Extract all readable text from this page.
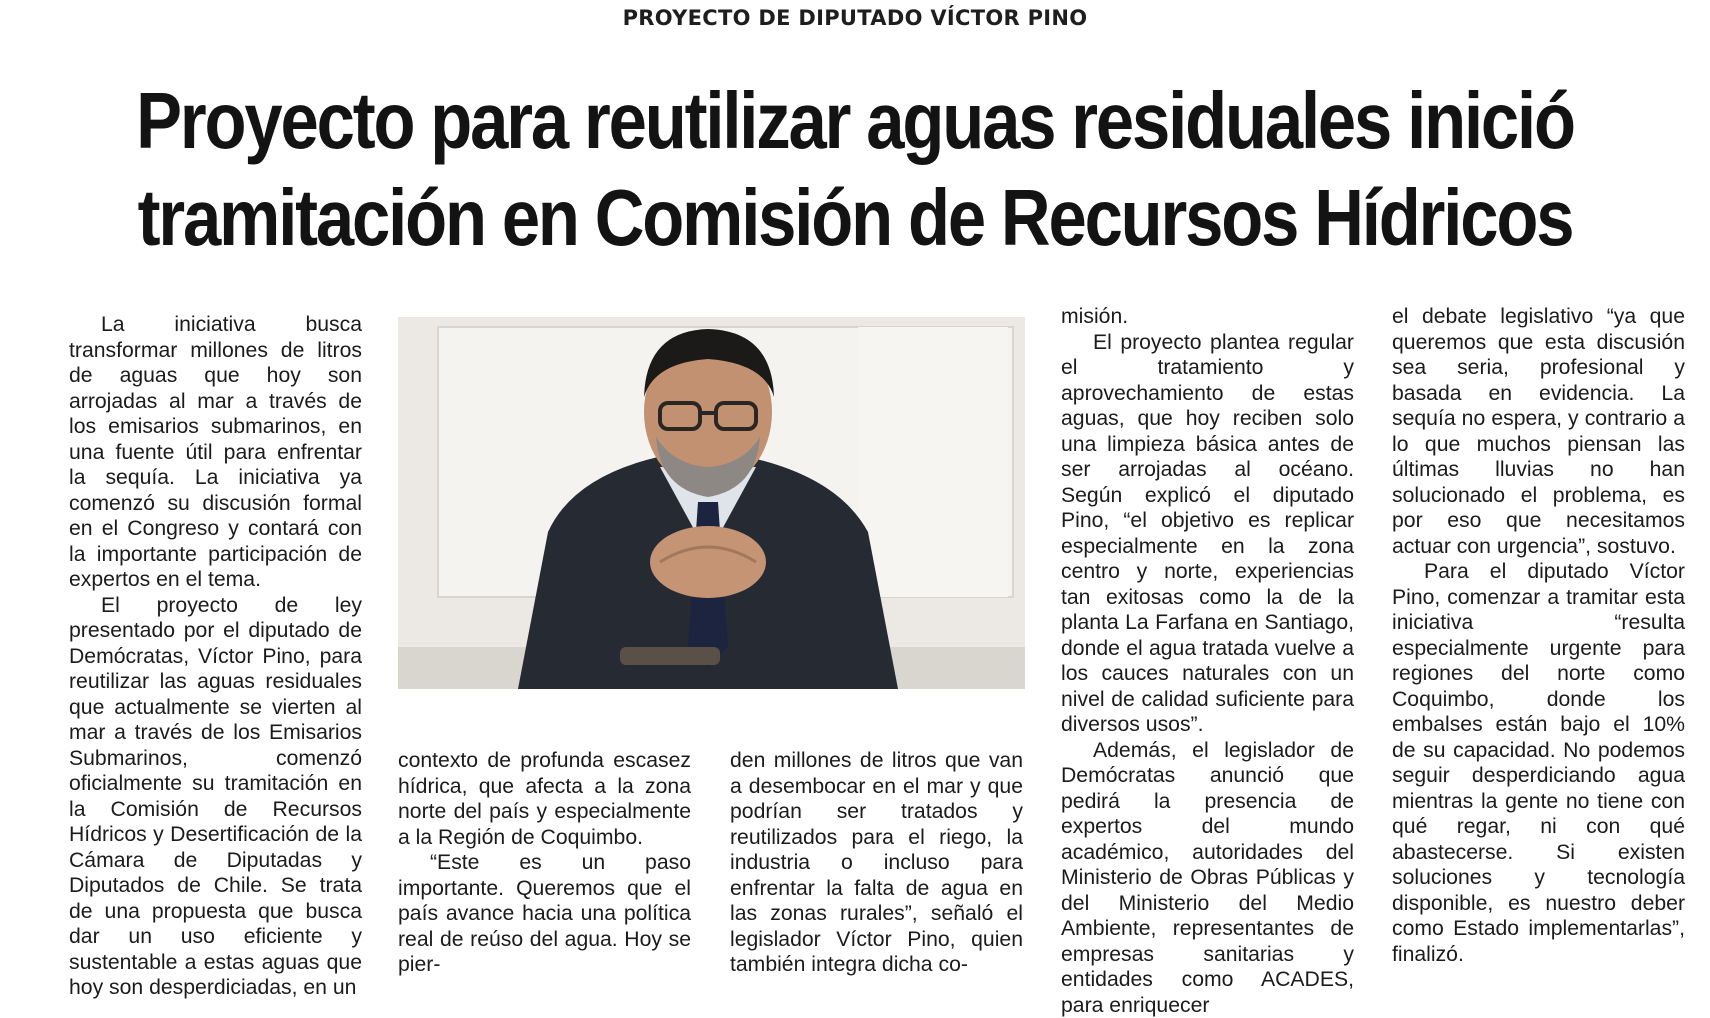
PROYECTO DE DIPUTADO VÍCTOR PINO
Proyecto para reutilizar aguas residuales inició
tramitación en Comisión de Recursos Hídricos

La iniciativa busca transformar millones de litros de aguas que hoy son arrojadas al mar a través de los emisarios submarinos, en una fuente útil para enfrentar la sequía. La iniciativa ya comenzó su discusión formal en el Congreso y contará con la importante participación de expertos en el tema.

El proyecto de ley presentado por el diputado de Demócratas, Víctor Pino, para reutilizar las aguas residuales que actualmente se vierten al mar a través de los Emisarios Submarinos, comenzó oficialmente su tramitación en la Comisión de Recursos Hídricos y Desertificación de la Cámara de Diputadas y Diputados de Chile. Se trata de una propuesta que busca dar un uso eficiente y sustentable a estas aguas que hoy son desperdiciadas, en un

contexto de profunda escasez hídrica, que afecta a la zona norte del país y especialmente a la Región de Coquimbo.

“Este es un paso importante. Queremos que el país avance hacia una política real de reúso del agua. Hoy se pier-

den millones de litros que van a desembocar en el mar y que podrían ser tratados y reutilizados para el riego, la industria o incluso para enfrentar la falta de agua en las zonas rurales”, señaló el legislador Víctor Pino, quien también integra dicha co-

misión.

El proyecto plantea regular el tratamiento y aprovechamiento de estas aguas, que hoy reciben solo una limpieza básica antes de ser arrojadas al océano. Según explicó el diputado Pino, “el objetivo es replicar especialmente en la zona centro y norte, experiencias tan exitosas como la de la planta La Farfana en Santiago, donde el agua tratada vuelve a los cauces naturales con un nivel de calidad suficiente para diversos usos”.

Además, el legislador de Demócratas anunció que pedirá la presencia de expertos del mundo académico, autoridades del Ministerio de Obras Públicas y del Ministerio del Medio Ambiente, representantes de empresas sanitarias y entidades como ACADES, para enriquecer

el debate legislativo “ya que queremos que esta discusión sea seria, profesional y basada en evidencia. La sequía no espera, y contrario a lo que muchos piensan las últimas lluvias no han solucionado el problema, es por eso que necesitamos actuar con urgencia”, sostuvo.

Para el diputado Víctor Pino, comenzar a tramitar esta iniciativa “resulta especialmente urgente para regiones del norte como Coquimbo, donde los embalses están bajo el 10% de su capacidad. No podemos seguir desperdiciando agua mientras la gente no tiene con qué regar, ni con qué abastecerse. Si existen soluciones y tecnología disponible, es nuestro deber como Estado implementarlas”, finalizó.
